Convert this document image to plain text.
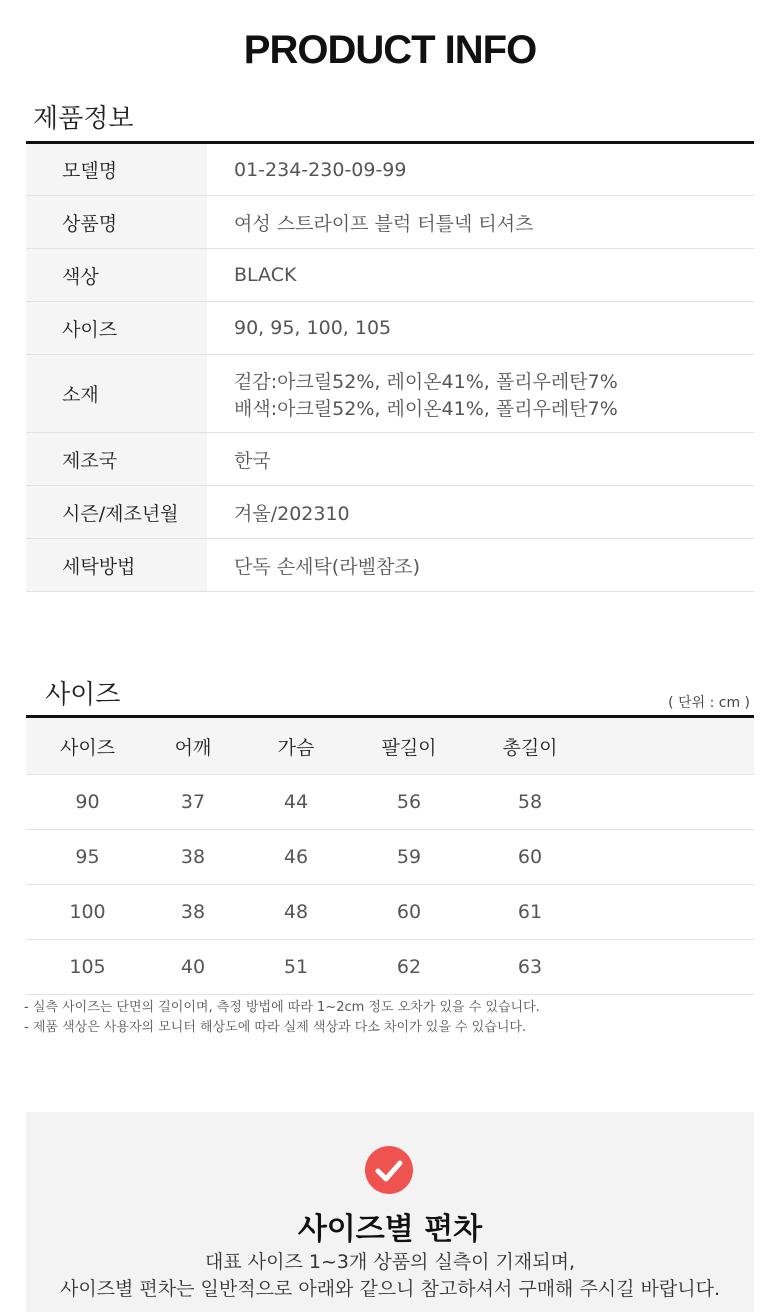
PRODUCT INFO
제품정보
모델명	01-234-230-09-99
상품명	여성 스트라이프 블럭 터틀넥 티셔츠
색상	BLACK
사이즈	90, 95, 100, 105
소재	겉감:아크릴52%, 레이온41%, 폴리우레탄7%
배색:아크릴52%, 레이온41%, 폴리우레탄7%

제조국	한국
시즌/제조년월	겨울/202310
세탁방법	단독 손세탁(라벨참조)
사이즈	( 단위 : cm )
사이즈	어깨	가슴	팔길이	총길이	
90	37	44	56	58	
95	38	46	59	60	
100	38	48	60	61	
105	40	51	62	63	
- 실측 사이즈는 단면의 길이이며, 측정 방법에 따라 1~2cm 정도 오차가 있을 수 있습니다.
- 제품 색상은 사용자의 모니터 해상도에 따라 실제 색상과 다소 차이가 있을 수 있습니다.
사이즈별 편차
대표 사이즈 1~3개 상품의 실측이 기재되며,
사이즈별 편차는 일반적으로 아래와 같으니 참고하셔서 구매해 주시길 바랍니다.
